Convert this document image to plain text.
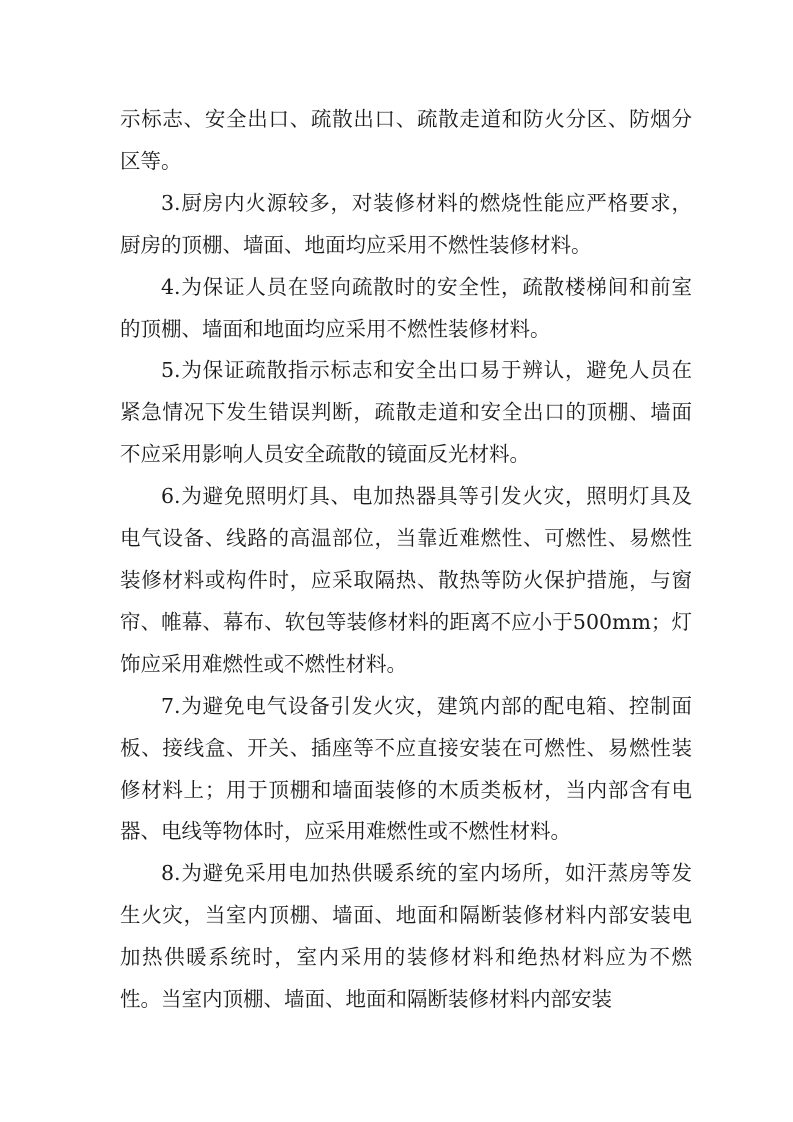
示标志、安全出口、疏散出口、疏散走道和防火分区、防烟分区等。

3.厨房内火源较多，对装修材料的燃烧性能应严格要求，厨房的顶棚、墙面、地面均应采用不燃性装修材料。

4.为保证人员在竖向疏散时的安全性，疏散楼梯间和前室的顶棚、墙面和地面均应采用不燃性装修材料。

5.为保证疏散指示标志和安全出口易于辨认，避免人员在紧急情况下发生错误判断，疏散走道和安全出口的顶棚、墙面不应采用影响人员安全疏散的镜面反光材料。

6.为避免照明灯具、电加热器具等引发火灾，照明灯具及电气设备、线路的高温部位，当靠近难燃性、可燃性、易燃性装修材料或构件时，应采取隔热、散热等防火保护措施，与窗帘、帷幕、幕布、软包等装修材料的距离不应小于500mm；灯饰应采用难燃性或不燃性材料。

7.为避免电气设备引发火灾，建筑内部的配电箱、控制面板、接线盒、开关、插座等不应直接安装在可燃性、易燃性装修材料上；用于顶棚和墙面装修的木质类板材，当内部含有电器、电线等物体时，应采用难燃性或不燃性材料。

8.为避免采用电加热供暖系统的室内场所，如汗蒸房等发生火灾，当室内顶棚、墙面、地面和隔断装修材料内部安装电加热供暖系统时，室内采用的装修材料和绝热材料应为不燃性。当室内顶棚、墙面、地面和隔断装修材料内部安装
